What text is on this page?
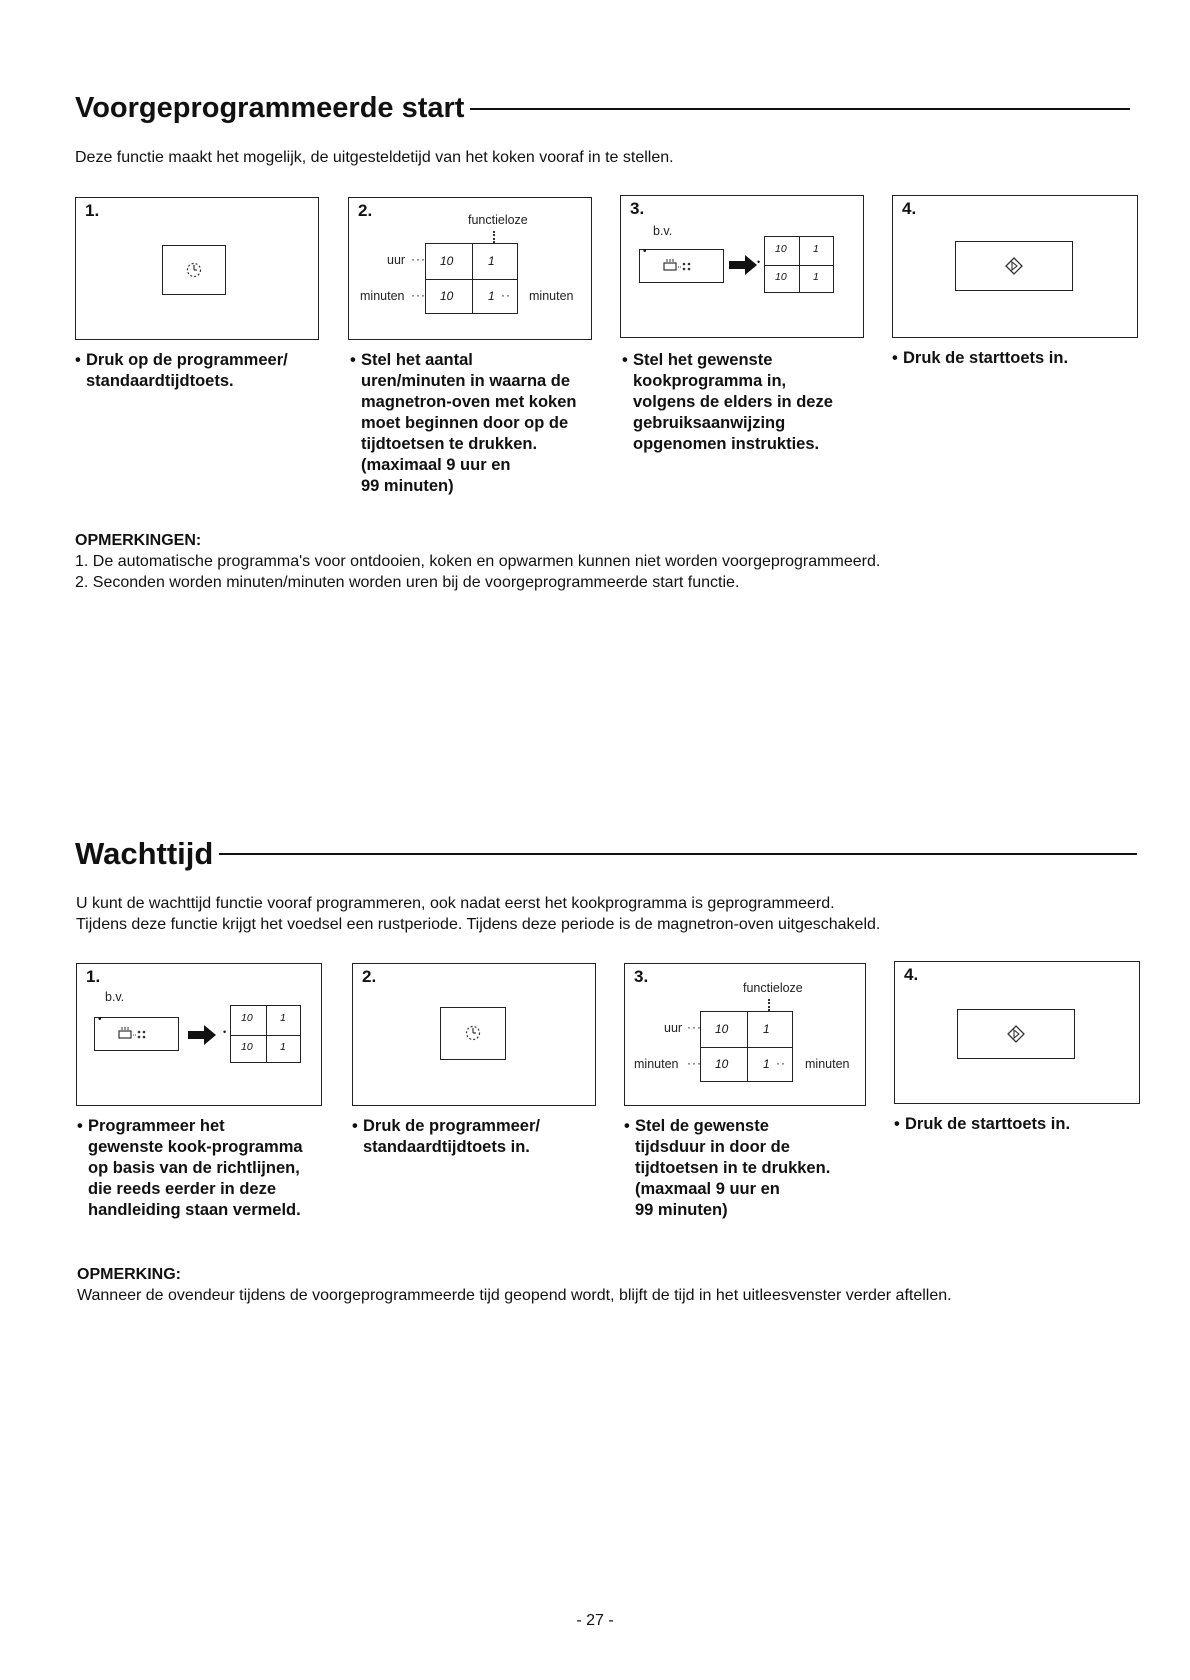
Voorgeprogrammeerde start
Deze functie maakt het mogelijk, de uitgesteldetijd van het koken vooraf in te stellen.
1.	2.	functieloze
uur ···
minuten ···
10	1
10	1 ·· minuten
3.
b.v.
•
•
10	1
10	1
4.
• Druk op de programmeer/
standaardtijdtoets.
• Stel het aantal
uren/minuten in waarna de
magnetron-oven met koken
moet beginnen door op de
tijdtoetsen te drukken.
(maximaal 9 uur en
99 minuten)
• Stel het gewenste
kookprogramma in,
volgens de elders in deze
gebruiksaanwijzing
opgenomen instrukties.
• Druk de starttoets in.
OPMERKINGEN:
1. De automatische programma's voor ontdooien, koken en opwarmen kunnen niet worden voorgeprogrammeerd.
2. Seconden worden minuten/minuten worden uren bij de voorgeprogrammeerde start functie.
Wachttijd
U kunt de wachttijd functie vooraf programmeren, ook nadat eerst het kookprogramma is geprogrammeerd.
Tijdens deze functie krijgt het voedsel een rustperiode. Tijdens deze periode is de magnetron-oven uitgeschakeld.
1.
b.v.
•
•
10	1
10	1
2.	3.
functieloze
uur ···
minuten ···
10	1
10	1 ·· minuten
4.
• Programmeer het
gewenste kook-programma
op basis van de richtlijnen,
die reeds eerder in deze
handleiding staan vermeld.
• Druk de programmeer/
standaardtijdtoets in.
• Stel de gewenste
tijdsduur in door de
tijdtoetsen in te drukken.
(maxmaal 9 uur en
99 minuten)
• Druk de starttoets in.
OPMERKING:
Wanneer de ovendeur tijdens de voorgeprogrammeerde tijd geopend wordt, blijft de tijd in het uitleesvenster verder aftellen.
- 27 -
